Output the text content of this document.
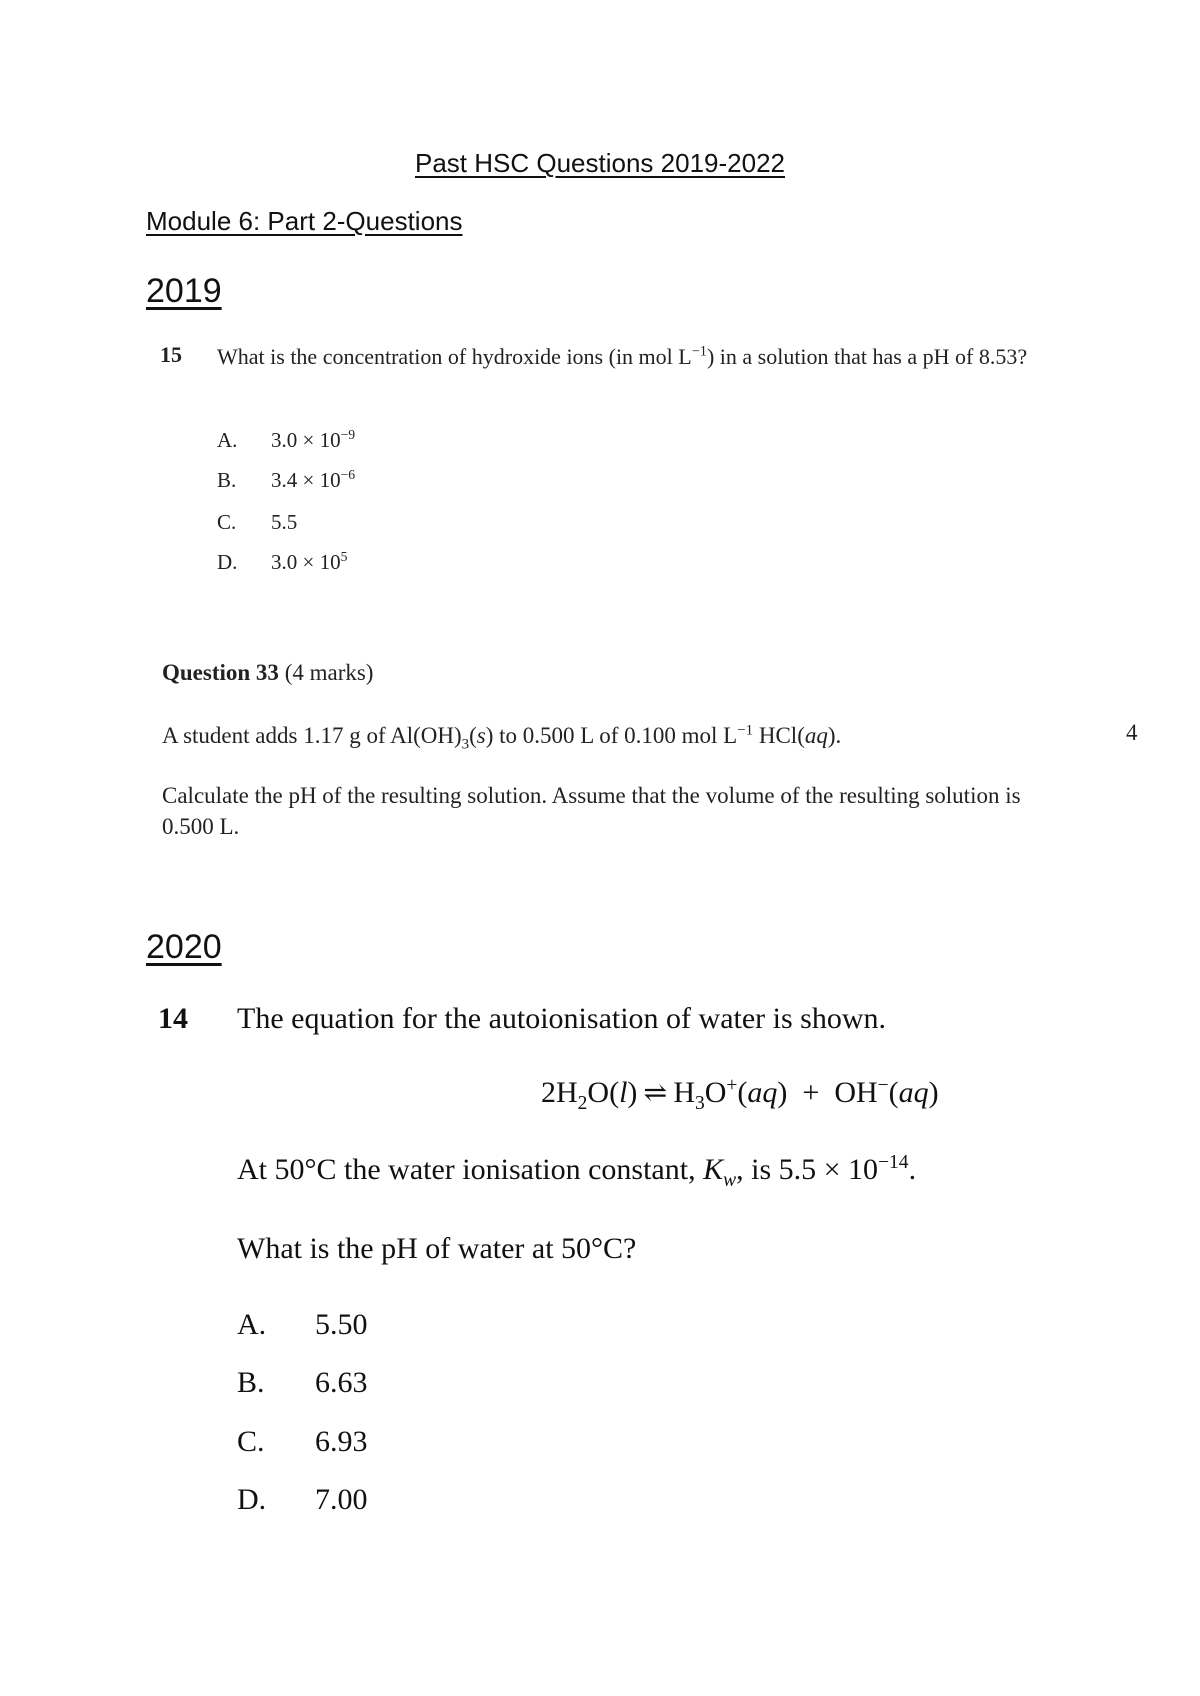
Past HSC Questions 2019-2022
Module 6: Part 2-Questions
2019
15 What is the concentration of hydroxide ions (in mol $L^{-1}$) in a solution that has a pH of 8.53?
A. $3.0 \times 10^{-9}$
B. $3.4 \times 10^{-6}$
C. 5.5
D. $3.0 \times 10^5$
Question 33 (4 marks)
A student adds 1.17 g of $Al(OH)_3(s)$ to 0.500 L of 0.100 mol $L^{-1}$ HCl(aq).	4
Calculate the pH of the resulting solution. Assume that the volume of the resulting solution is 0.500 L.
2020
14 The equation for the autoionisation of water is shown.
$2H_2O(l)$ ⇌ $H_3O^+(aq) + OH^-(aq)$
At 50°C the water ionisation constant, $K_w$, is $5.5 \times 10^{-14}$.
What is the pH of water at 50°C?
A. 5.50
B. 6.63
C. 6.93
D. 7.00
